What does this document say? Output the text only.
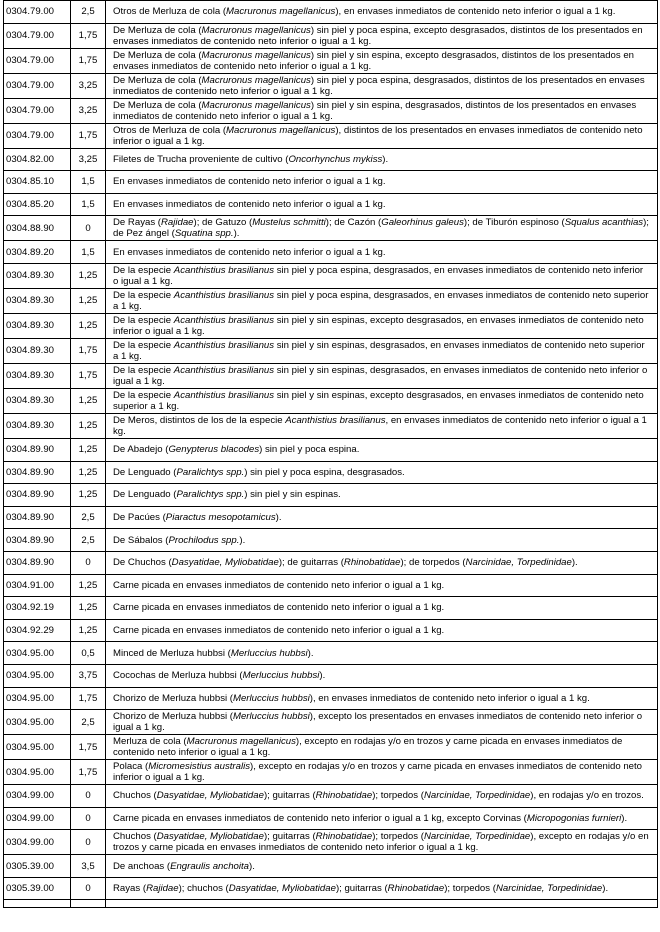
0304.79.00	2,5	Otros de Merluza de cola (Macruronus magellanicus), en envases inmediatos de contenido neto inferior o igual a 1 kg.
0304.79.00	1,75	De Merluza de cola (Macruronus magellanicus) sin piel y poca espina, excepto desgrasados, distintos de los presentados en envases inmediatos de contenido neto inferior o igual a 1 kg.
0304.79.00	1,75	De Merluza de cola (Macruronus magellanicus) sin piel y sin espina, excepto desgrasados, distintos de los presentados en envases inmediatos de contenido neto inferior o igual a 1 kg.
0304.79.00	3,25	De Merluza de cola (Macruronus magellanicus) sin piel y poca espina, desgrasados, distintos de los presentados en envases inmediatos de contenido neto inferior o igual a 1 kg.
0304.79.00	3,25	De Merluza de cola (Macruronus magellanicus) sin piel y sin espina, desgrasados, distintos de los presentados en envases inmediatos de contenido neto inferior o igual a 1 kg.
0304.79.00	1,75	Otros de Merluza de cola (Macruronus magellanicus), distintos de los presentados en envases inmediatos de contenido neto inferior o igual a 1 kg.
0304.82.00	3,25	Filetes de Trucha proveniente de cultivo (Oncorhynchus mykiss).
0304.85.10	1,5	En envases inmediatos de contenido neto inferior o igual a 1 kg.
0304.85.20	1,5	En envases inmediatos de contenido neto inferior o igual a 1 kg.
0304.88.90	0	De Rayas (Rajidae); de Gatuzo (Mustelus schmitti); de Cazón (Galeorhinus galeus); de Tiburón espinoso (Squalus acanthias); de Pez ángel (Squatina spp.).
0304.89.20	1,5	En envases inmediatos de contenido neto inferior o igual a 1 kg.
0304.89.30	1,25	De la especie Acanthistius brasilianus sin piel y poca espina, desgrasados, en envases inmediatos de contenido neto inferior o igual a 1 kg.
0304.89.30	1,25	De la especie Acanthistius brasilianus sin piel y poca espina, desgrasados, en envases inmediatos de contenido neto superior a 1 kg.
0304.89.30	1,25	De la especie Acanthistius brasilianus sin piel y sin espinas, excepto desgrasados, en envases inmediatos de contenido neto inferior o igual a 1 kg.
0304.89.30	1,75	De la especie Acanthistius brasilianus sin piel y sin espinas, desgrasados, en envases inmediatos de contenido neto superior a 1 kg.
0304.89.30	1,75	De la especie Acanthistius brasilianus sin piel y sin espinas, desgrasados, en envases inmediatos de contenido neto inferior o igual a 1 kg.
0304.89.30	1,25	De la especie Acanthistius brasilianus sin piel y sin espinas, excepto desgrasados, en envases inmediatos de contenido neto superior a 1 kg.
0304.89.30	1,25	De Meros, distintos de los de la especie Acanthistius brasilianus, en envases inmediatos de contenido neto inferior o igual a 1 kg.
0304.89.90	1,25	De Abadejo (Genypterus blacodes) sin piel y poca espina.
0304.89.90	1,25	De Lenguado (Paralichtys spp.) sin piel y poca espina, desgrasados.
0304.89.90	1,25	De Lenguado (Paralichtys spp.) sin piel y sin espinas.
0304.89.90	2,5	De Pacúes (Piaractus mesopotamicus).
0304.89.90	2,5	De Sábalos (Prochilodus spp.).
0304.89.90	0	De Chuchos (Dasyatidae, Myliobatidae); de guitarras (Rhinobatidae); de torpedos (Narcinidae, Torpedinidae).
0304.91.00	1,25	Carne picada en envases inmediatos de contenido neto inferior o igual a 1 kg.
0304.92.19	1,25	Carne picada en envases inmediatos de contenido neto inferior o igual a 1 kg.
0304.92.29	1,25	Carne picada en envases inmediatos de contenido neto inferior o igual a 1 kg.
0304.95.00	0,5	Minced de Merluza hubbsi (Merluccius hubbsi).
0304.95.00	3,75	Cocochas de Merluza hubbsi (Merluccius hubbsi).
0304.95.00	1,75	Chorizo de Merluza hubbsi (Merluccius hubbsi), en envases inmediatos de contenido neto inferior o igual a 1 kg.
0304.95.00	2,5	Chorizo de Merluza hubbsi (Merluccius hubbsi), excepto los presentados en envases inmediatos de contenido neto inferior o igual a 1 kg.
0304.95.00	1,75	Merluza de cola (Macruronus magellanicus), excepto en rodajas y/o en trozos y carne picada en envases inmediatos de contenido neto inferior o igual a 1 kg.
0304.95.00	1,75	Polaca (Micromesistius australis), excepto en rodajas y/o en trozos y carne picada en envases inmediatos de contenido neto inferior o igual a 1 kg.
0304.99.00	0	Chuchos (Dasyatidae, Myliobatidae); guitarras (Rhinobatidae); torpedos (Narcinidae, Torpedinidae), en rodajas y/o en trozos.
0304.99.00	0	Carne picada en envases inmediatos de contenido neto inferior o igual a 1 kg, excepto Corvinas (Micropogonias furnieri).
0304.99.00	0	Chuchos (Dasyatidae, Myliobatidae); guitarras (Rhinobatidae); torpedos (Narcinidae, Torpedinidae), excepto en rodajas y/o en trozos y carne picada en envases inmediatos de contenido neto inferior o igual a 1 kg.
0305.39.00	3,5	De anchoas (Engraulis anchoita).
0305.39.00	0	Rayas (Rajidae); chuchos (Dasyatidae, Myliobatidae); guitarras (Rhinobatidae); torpedos (Narcinidae, Torpedinidae).
